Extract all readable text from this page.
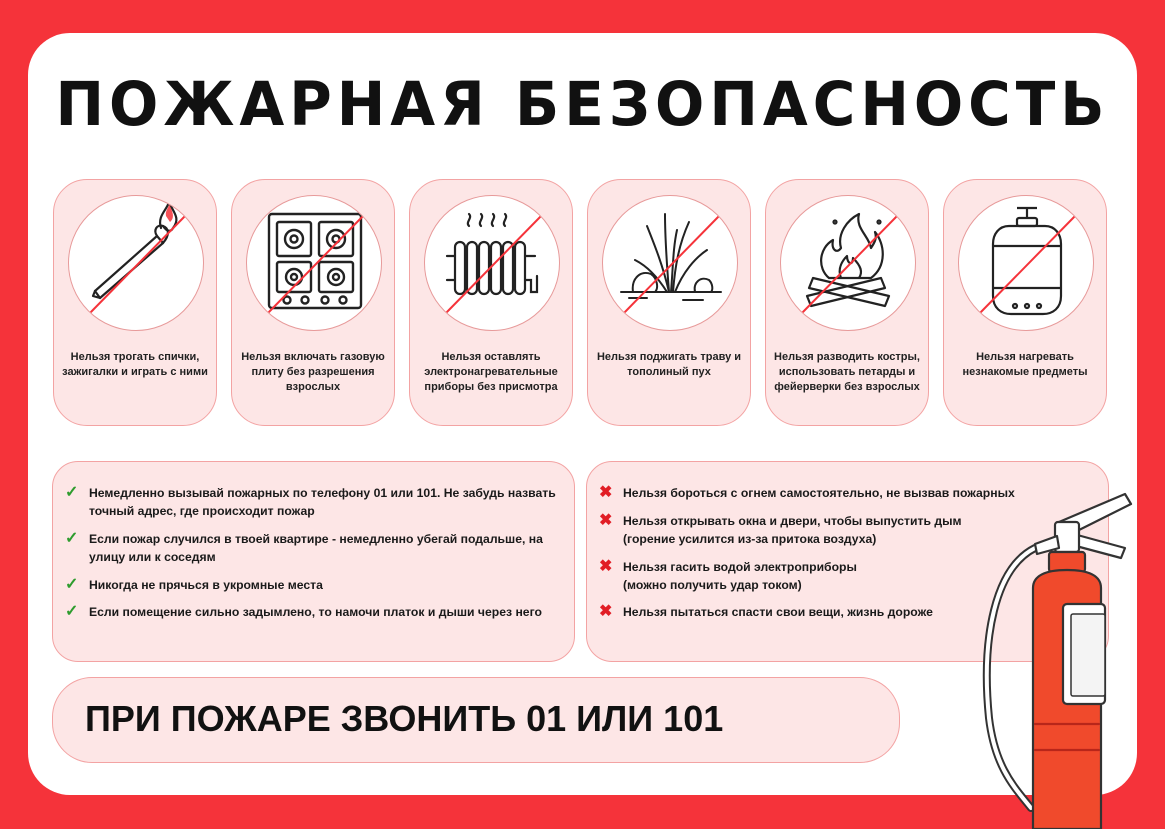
ПОЖАРНАЯ БЕЗОПАСНОСТЬ
Нельзя трогать спички, зажигалки и играть с ними
Нельзя включать газовую плиту без разрешения взрослых
Нельзя оставлять электронагревательные приборы без присмотра
Нельзя поджигать траву и тополиный пух
Нельзя разводить костры, использовать петарды и фейерверки без взрослых
Нельзя нагревать незнакомые предметы
✓ Немедленно вызывай пожарных по телефону 01 или 101. Не забудь назвать точный адрес, где происходит пожар
✓ Если пожар случился в твоей квартире - немедленно убегай подальше, на улицу или к соседям
✓ Никогда не прячься в укромные места
✓ Если помещение сильно задымлено, то намочи платок и дыши через него
✖ Нельзя бороться с огнем самостоятельно, не вызвав пожарных
✖ Нельзя открывать окна и двери, чтобы выпустить дым (горение усилится из-за притока воздуха)
✖ Нельзя гасить водой электроприборы (можно получить удар током)
✖ Нельзя пытаться спасти свои вещи, жизнь дороже
ПРИ ПОЖАРЕ ЗВОНИТЬ 01 ИЛИ 101
